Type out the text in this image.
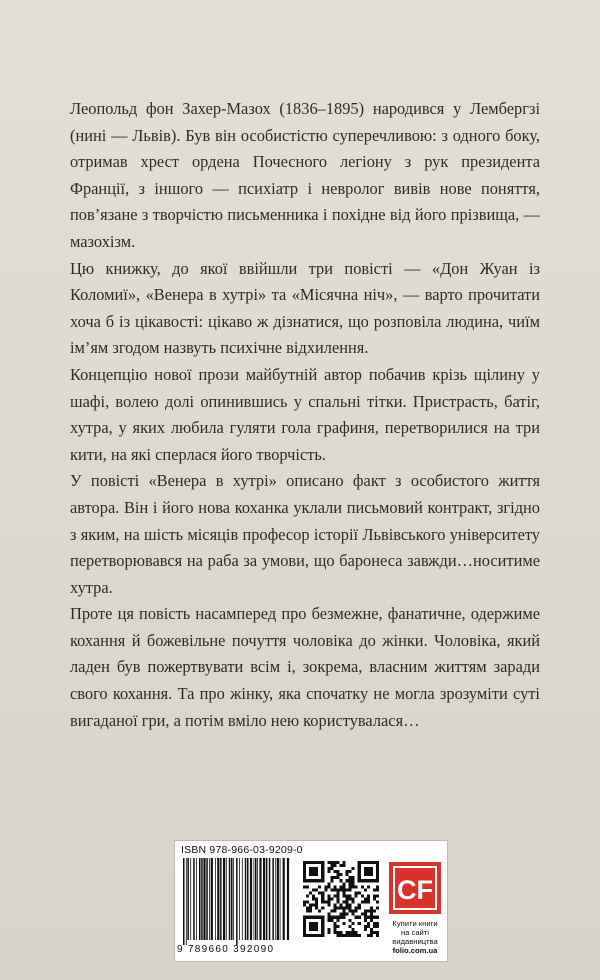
Леопольд фон Захер-Мазох (1836–1895) народився у Лембергзі (нині — Львів). Був він особистістю суперечливою: з одного боку, отримав хрест ордена Почесного легіону з рук президента Франції, з іншого — психіатр і невролог вивів нове поняття, пов’язане з творчістю письменника і похідне від його прізвища, — мазохізм.

Цю книжку, до якої ввійшли три повісті — «Дон Жуан із Коломиї», «Венера в хутрі» та «Місячна ніч», — варто прочитати хоча б із цікавості: цікаво ж дізнатися, що розповіла людина, чиїм ім’ям згодом назвуть психічне відхилення.

Концепцію нової прози майбутній автор побачив крізь щілину у шафі, волею долі опинившись у спальні тітки. Пристрасть, батіг, хутра, у яких любила гуляти гола графиня, перетворилися на три кити, на які сперлася його творчість.

У повісті «Венера в хутрі» описано факт з особистого життя автора. Він і його нова коханка уклали письмовий контракт, згідно з яким, на шість місяців професор історії Львівського університету перетворювався на раба за умови, що баронеса завжди…носитиме хутра.

Проте ця повість насамперед про безмежне, фанатичне, одержиме кохання й божевільне почуття чоловіка до жінки. Чоловіка, який ладен був пожертвувати всім і, зокрема, власним життям заради свого кохання. Та про жінку, яка спочатку не могла зрозуміти суті вигаданої гри, а потім вміло нею користувалася…

ISBN 978-966-03-9209-0
9 789660 392090
CF
Купити книги
на сайті
видавництва
folio.com.ua
